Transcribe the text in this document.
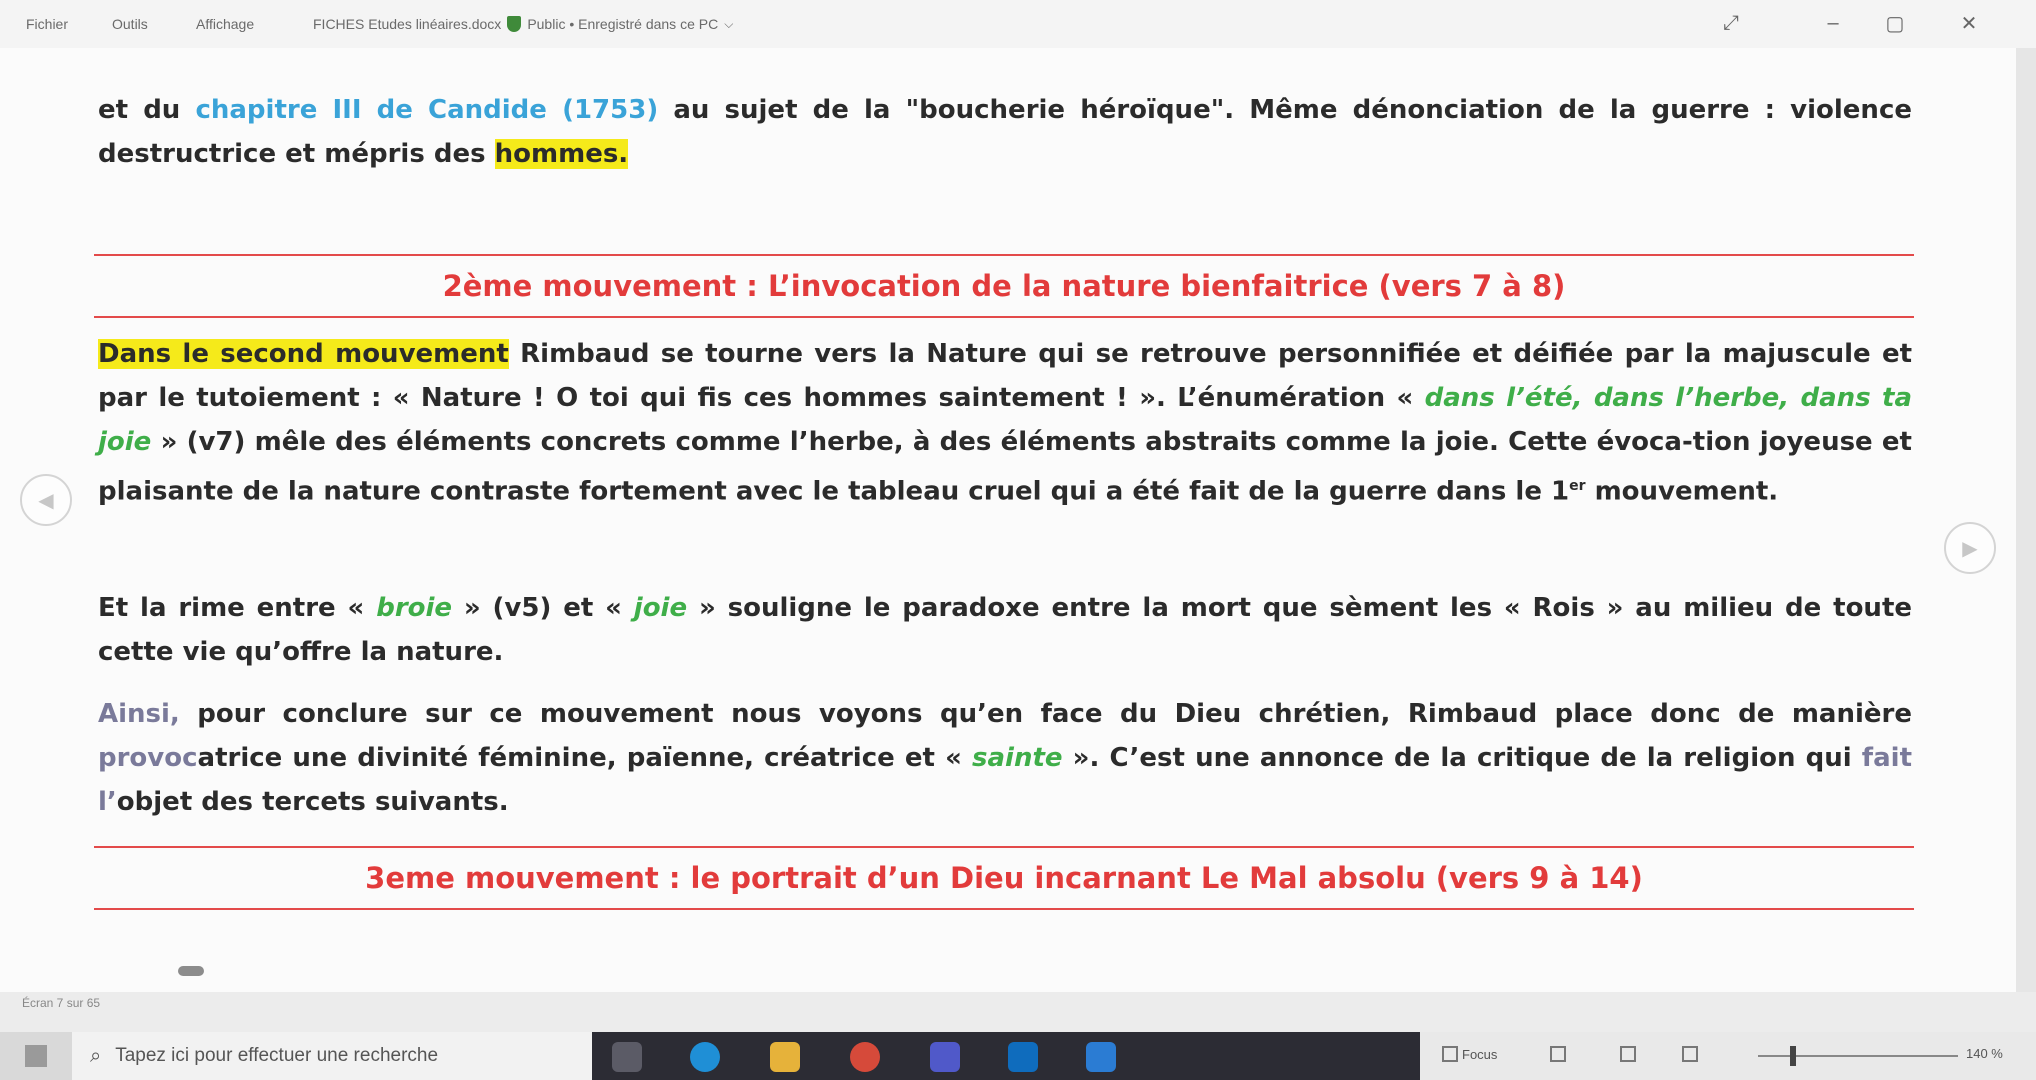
Fichier	Outils	Affichage	FICHES Etudes linéaires.docx Public • Enregistré dans ce PC ⌵	⤢	–	▢	✕
et du chapitre III de Candide (1753) au sujet de la "boucherie héroïque". Même dénonciation de la guerre : violence destructrice et mépris des hommes.
2ème mouvement : L’invocation de la nature bienfaitrice (vers 7 à 8)
Dans le second mouvement Rimbaud se tourne vers la Nature qui se retrouve personnifiée et déifiée par la majuscule et par le tutoiement : « Nature ! O toi qui fis ces hommes saintement ! ». L’énumération « dans l’été, dans l’herbe, dans ta joie » (v7) mêle des éléments concrets comme l’herbe, à des éléments abstraits comme la joie. Cette évoca-tion joyeuse et plaisante de la nature contraste fortement avec le tableau cruel qui a été fait de la guerre dans le 1er mouvement.
Et la rime entre « broie » (v5) et « joie » souligne le paradoxe entre la mort que sèment les « Rois » au milieu de toute cette vie qu’offre la nature.
Ainsi, pour conclure sur ce mouvement nous voyons qu’en face du Dieu chrétien, Rimbaud place donc de manière provocatrice une divinité féminine, païenne, créatrice et « sainte ». C’est une annonce de la critique de la religion qui fait l’objet des tercets suivants.
3eme mouvement : le portrait d’un Dieu incarnant Le Mal absolu (vers 9 à 14)
◀
▶
Écran 7 sur 65
⌕ Tapez ici pour effectuer une recherche	Focus	140 %
